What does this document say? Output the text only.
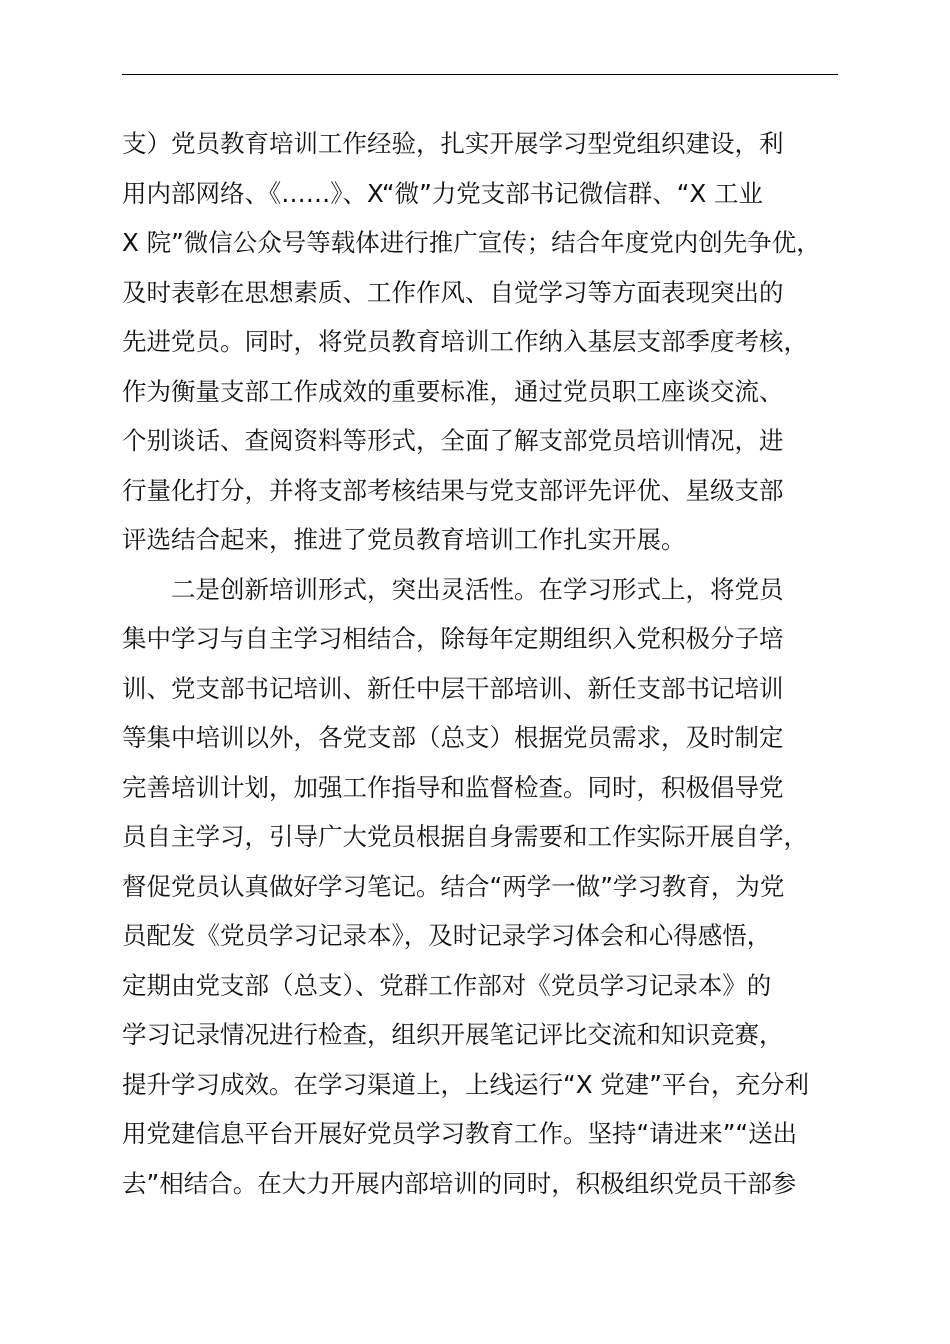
支）党员教育培训工作经验，扎实开展学习型党组织建设，利
用内部网络、《……》、X“微”力党支部书记微信群、“X 工业
X 院”微信公众号等载体进行推广宣传；结合年度党内创先争优，
及时表彰在思想素质、工作作风、自觉学习等方面表现突出的
先进党员。同时，将党员教育培训工作纳入基层支部季度考核，
作为衡量支部工作成效的重要标准，通过党员职工座谈交流、
个别谈话、查阅资料等形式，全面了解支部党员培训情况，进
行量化打分，并将支部考核结果与党支部评先评优、星级支部
评选结合起来，推进了党员教育培训工作扎实开展。
二是创新培训形式，突出灵活性。在学习形式上，将党员
集中学习与自主学习相结合，除每年定期组织入党积极分子培
训、党支部书记培训、新任中层干部培训、新任支部书记培训
等集中培训以外，各党支部（总支）根据党员需求，及时制定
完善培训计划，加强工作指导和监督检查。同时，积极倡导党
员自主学习，引导广大党员根据自身需要和工作实际开展自学，
督促党员认真做好学习笔记。结合“两学一做”学习教育，为党
员配发《党员学习记录本》，及时记录学习体会和心得感悟，
定期由党支部（总支）、党群工作部对《党员学习记录本》的
学习记录情况进行检查，组织开展笔记评比交流和知识竞赛，
提升学习成效。在学习渠道上，上线运行“X 党建”平台，充分利
用党建信息平台开展好党员学习教育工作。坚持“请进来”“送出
去”相结合。在大力开展内部培训的同时，积极组织党员干部参
